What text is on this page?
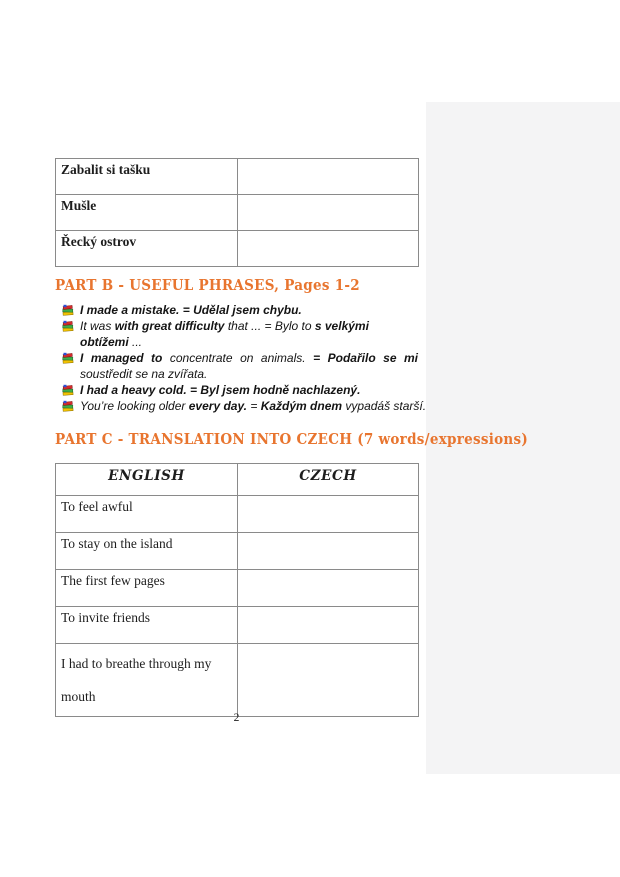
Zabalit si tašku	
Mušle	
Řecký ostrov	
PART B - USEFUL PHRASES, Pages 1-2
I made a mistake. = Udělal jsem chybu.
It was with great difficulty that ... = Bylo to s velkými obtížemi ...
I managed to concentrate on animals. = Podařilo se mi soustředit se na zvířata.
I had a heavy cold. = Byl jsem hodně nachlazený.
You’re looking older every day. = Každým dnem vypadáš starší.
PART C - TRANSLATION INTO CZECH (7 words/expressions)
ENGLISH	CZECH
To feel awful	
To stay on the island	
The first few pages	
To invite friends	
I had to breathe through my mouth	
2
